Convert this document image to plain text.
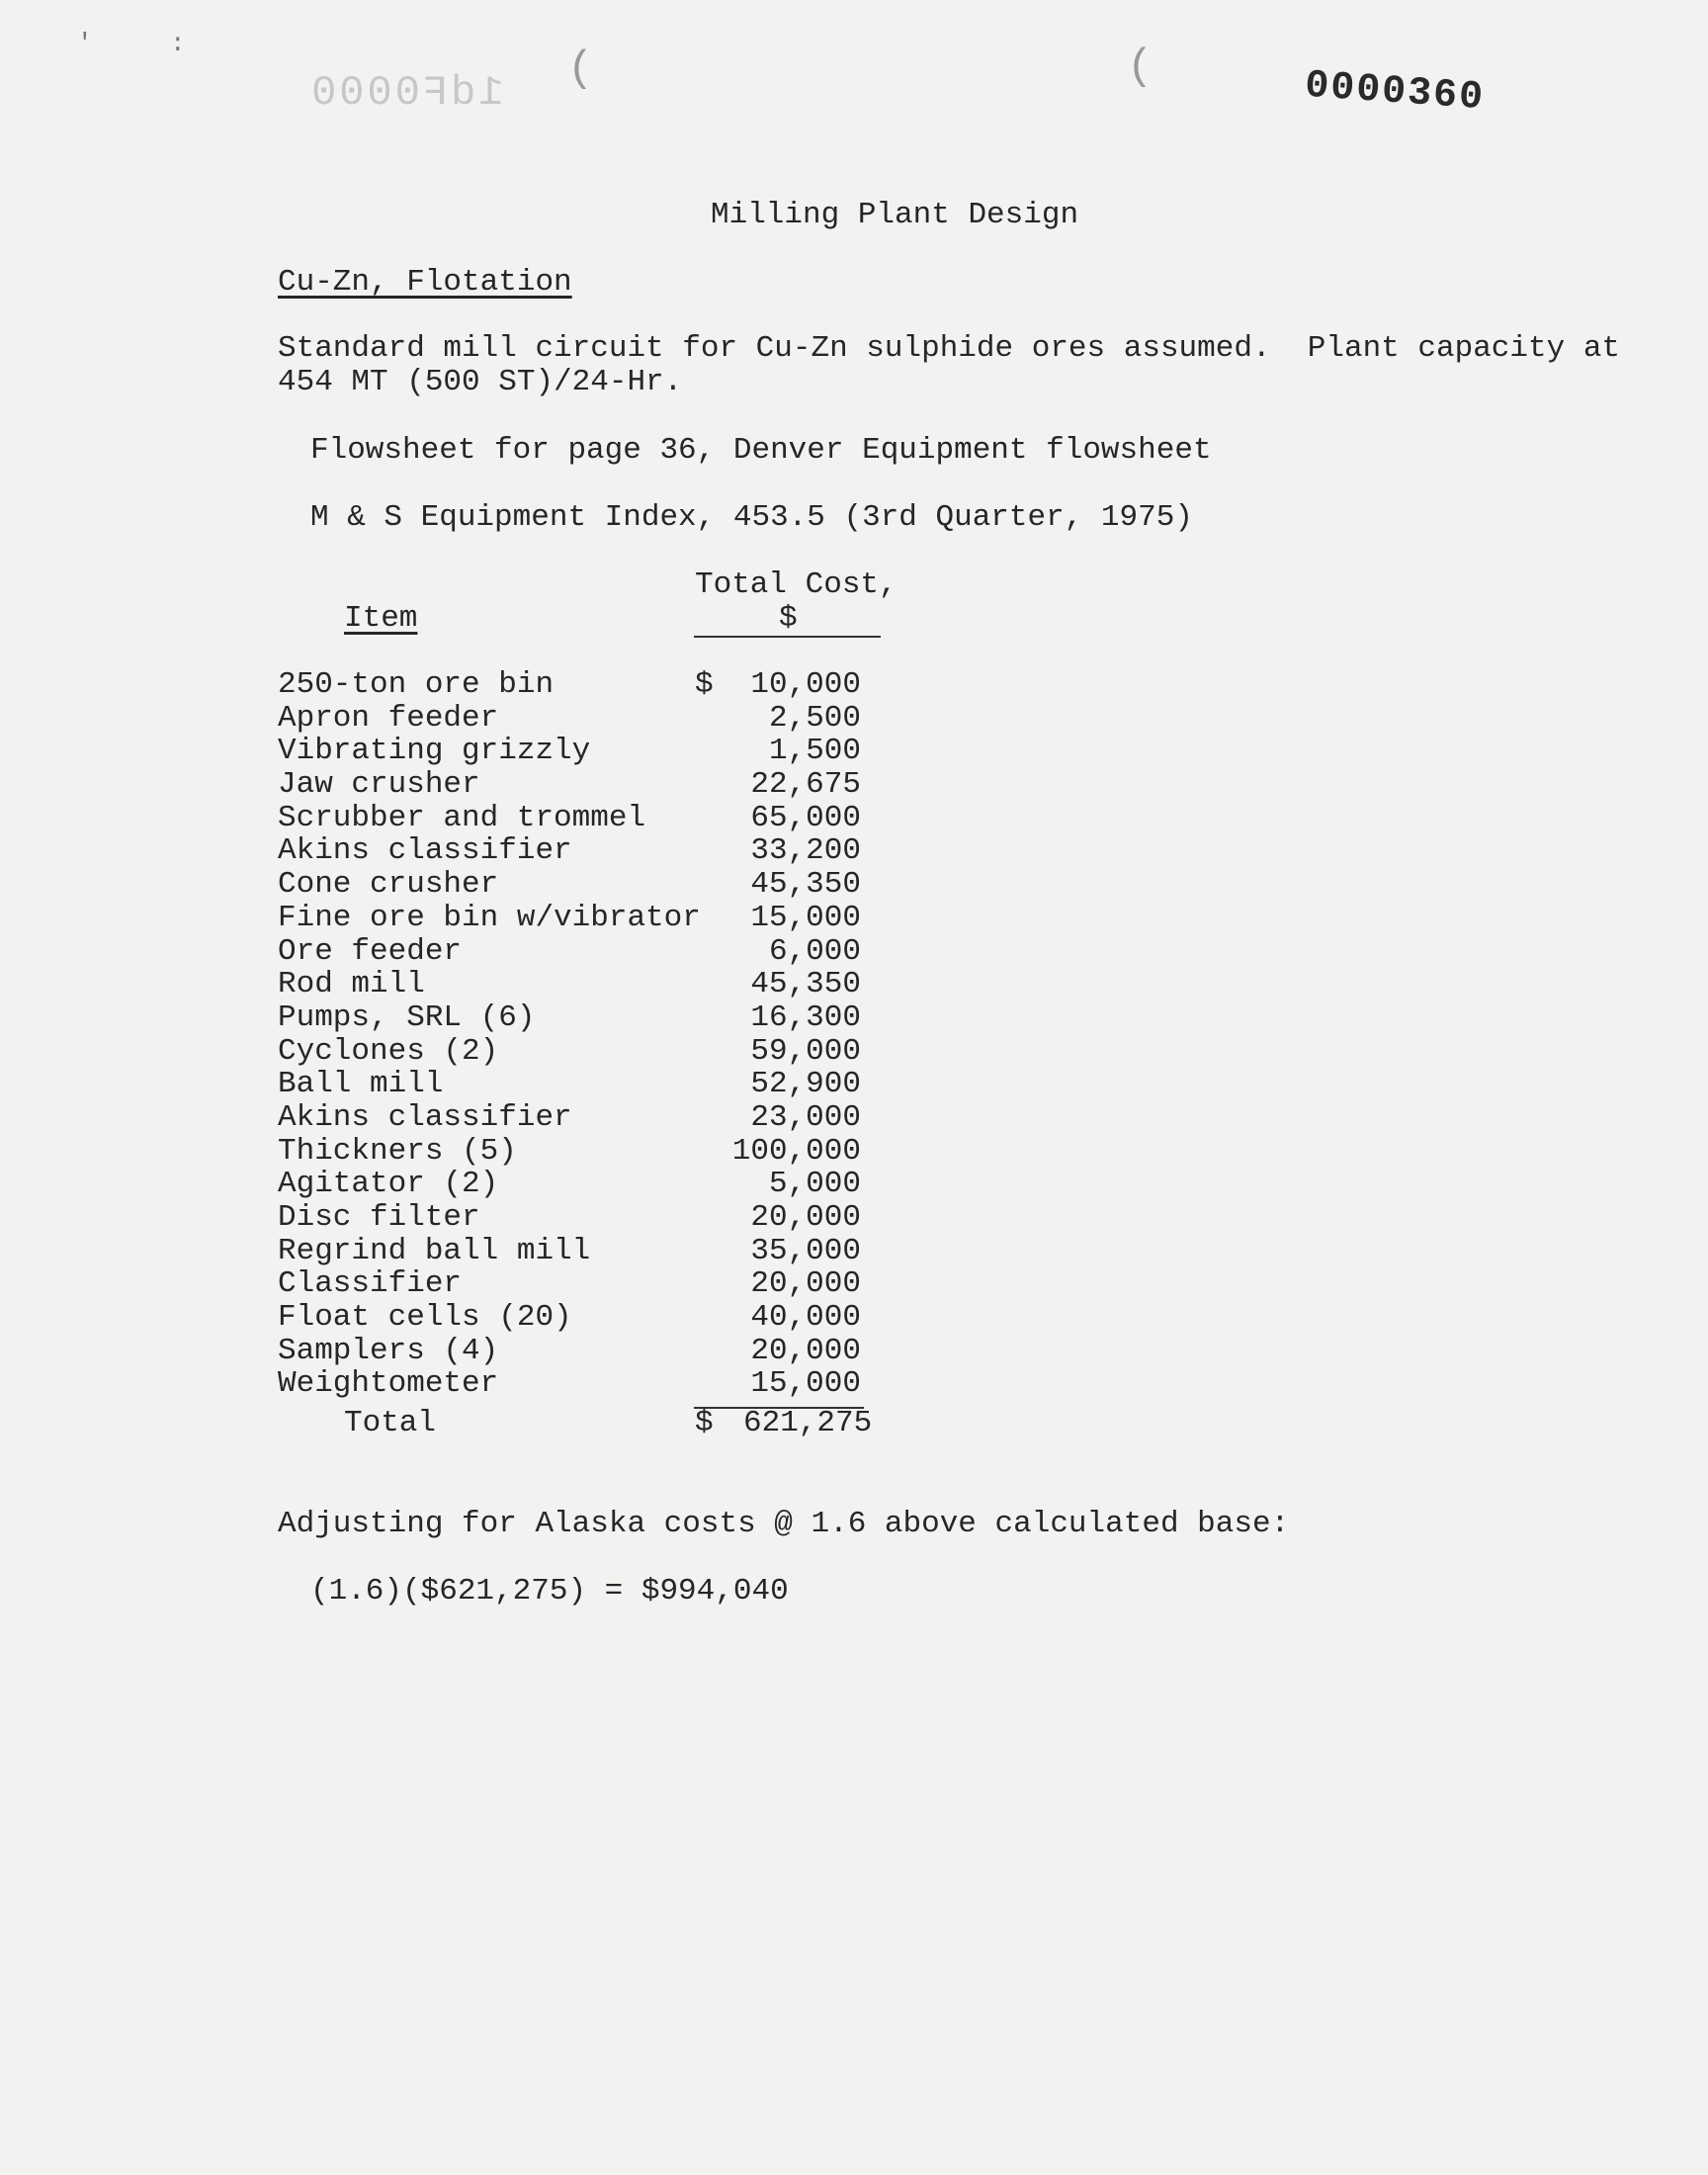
'	:
(	(
1dF0000	0000360
Milling Plant Design
Cu-Zn, Flotation
Standard mill circuit for Cu-Zn sulphide ores assumed.  Plant capacity at
454 MT (500 ST)/24-Hr.
Flowsheet for page 36, Denver Equipment flowsheet
M & S Equipment Index, 453.5 (3rd Quarter, 1975)
Item
Total Cost,
$
250-ton ore bin	$ 10,000
Apron feeder	2,500
Vibrating grizzly	1,500
Jaw crusher	22,675
Scrubber and trommel	65,000
Akins classifier	33,200
Cone crusher	45,350
Fine ore bin w/vibrator 15,000
Ore feeder	6,000
Rod mill	45,350
Pumps, SRL (6)	16,300
Cyclones (2)	59,000
Ball mill	52,900
Akins classifier	23,000
Thickners (5)	100,000
Agitator (2)	5,000
Disc filter	20,000
Regrind ball mill	35,000
Classifier	20,000
Float cells (20)	40,000
Samplers (4)	20,000
Weightometer	15,000
Total	$ 621,275
Adjusting for Alaska costs @ 1.6 above calculated base:
(1.6)($621,275) = $994,040
